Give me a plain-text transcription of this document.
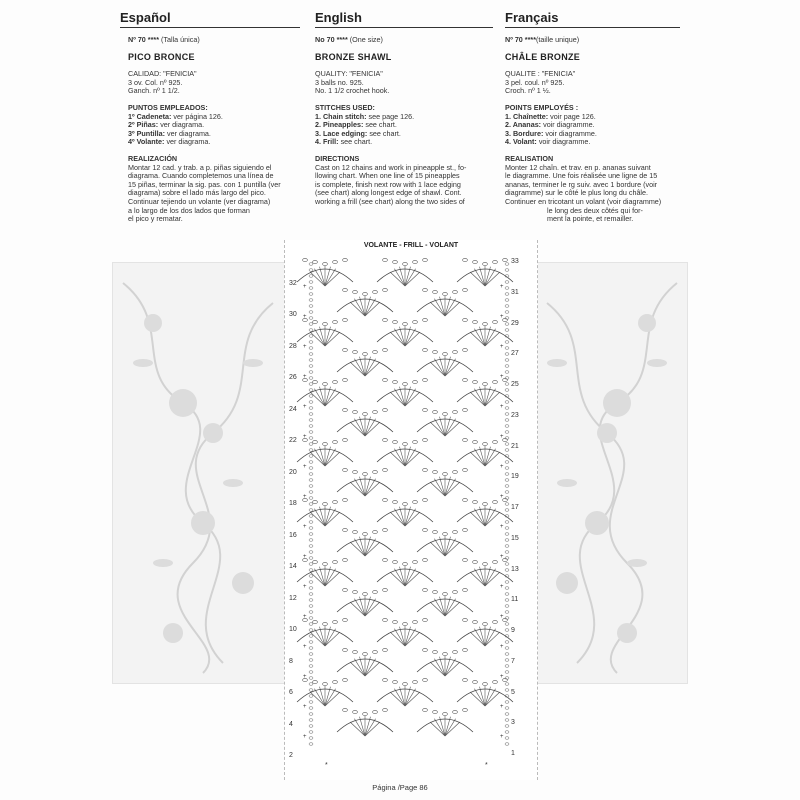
Español	English	Français
Nº 70 **** (Talla única)
PICO BRONCE
CALIDAD: "FENICIA"
3 ov. Col. nº 925.
Ganch. nº 1 1/2.
PUNTOS EMPLEADOS:
1º Cadeneta: ver página 126.
2º Piñas: ver diagrama.
3º Puntilla: ver diagrama.
4º Volante: ver diagrama.
REALIZACIÓN
Montar 12 cad. y trab. a p. piñas siguiendo el
diagrama. Cuando completemos una línea de
15 piñas, terminar la sig. pas. con 1 puntilla (ver
diagrama) sobre el lado más largo del pico.
Continuar tejiendo un volante (ver diagrama)
a lo largo de los dos lados que forman
el pico y rematar.
No 70 **** (One size)
BRONZE SHAWL
QUALITY: "FENICIA"
3 balls no. 925.
No. 1 1/2 crochet hook.
STITCHES USED:
1. Chain stitch: see page 126.
2. Pineapples: see chart.
3. Lace edging: see chart.
4. Frill: see chart.
DIRECTIONS
Cast on 12 chains and work in pineapple st., fo-
llowing chart. When one line of 15 pineapples
is complete, finish next row with 1 lace edging
(see chart) along longest edge of shawl. Cont.
working a frill (see chart) along the two sides of
Nº 70 ****(taille unique)
CHÂLE BRONZE
QUALITE : "FENICIA"
3 pel. coul. nº 925.
Croch. nº 1 ½.
POINTS EMPLOYÉS :
1. Chaînette: voir page 126.
2. Ananas: voir diagramme.
3. Bordure: voir diagramme.
4. Volant: voir diagramme.
REALISATION
Monter 12 chaîn. et trav. en p. ananas suivant
le diagramme. Une fois réalisée une ligne de 15
ananas, terminer le rg suiv. avec 1 bordure (voir
diagramme) sur le côté le plus long du châle.
Continuer en tricotant un volant (voir diagramme)
le long des deux côtés qui for-
ment la pointe, et remailler.
VOLANTE - FRILL - VOLANT
+	+
+	+
+	+
+	+
+	+
+	+
+	+
+	+
+	+
+	+
+	+
+	+
+	+
+	+
+	+
+	+
32
30
28
26
24
22
20
18
16
14
12
10
8
6
4
2
33
31
29
27
25
23
21
19
17
15
13
11
9
7
5
3
1
*	*
Página /Page 86
